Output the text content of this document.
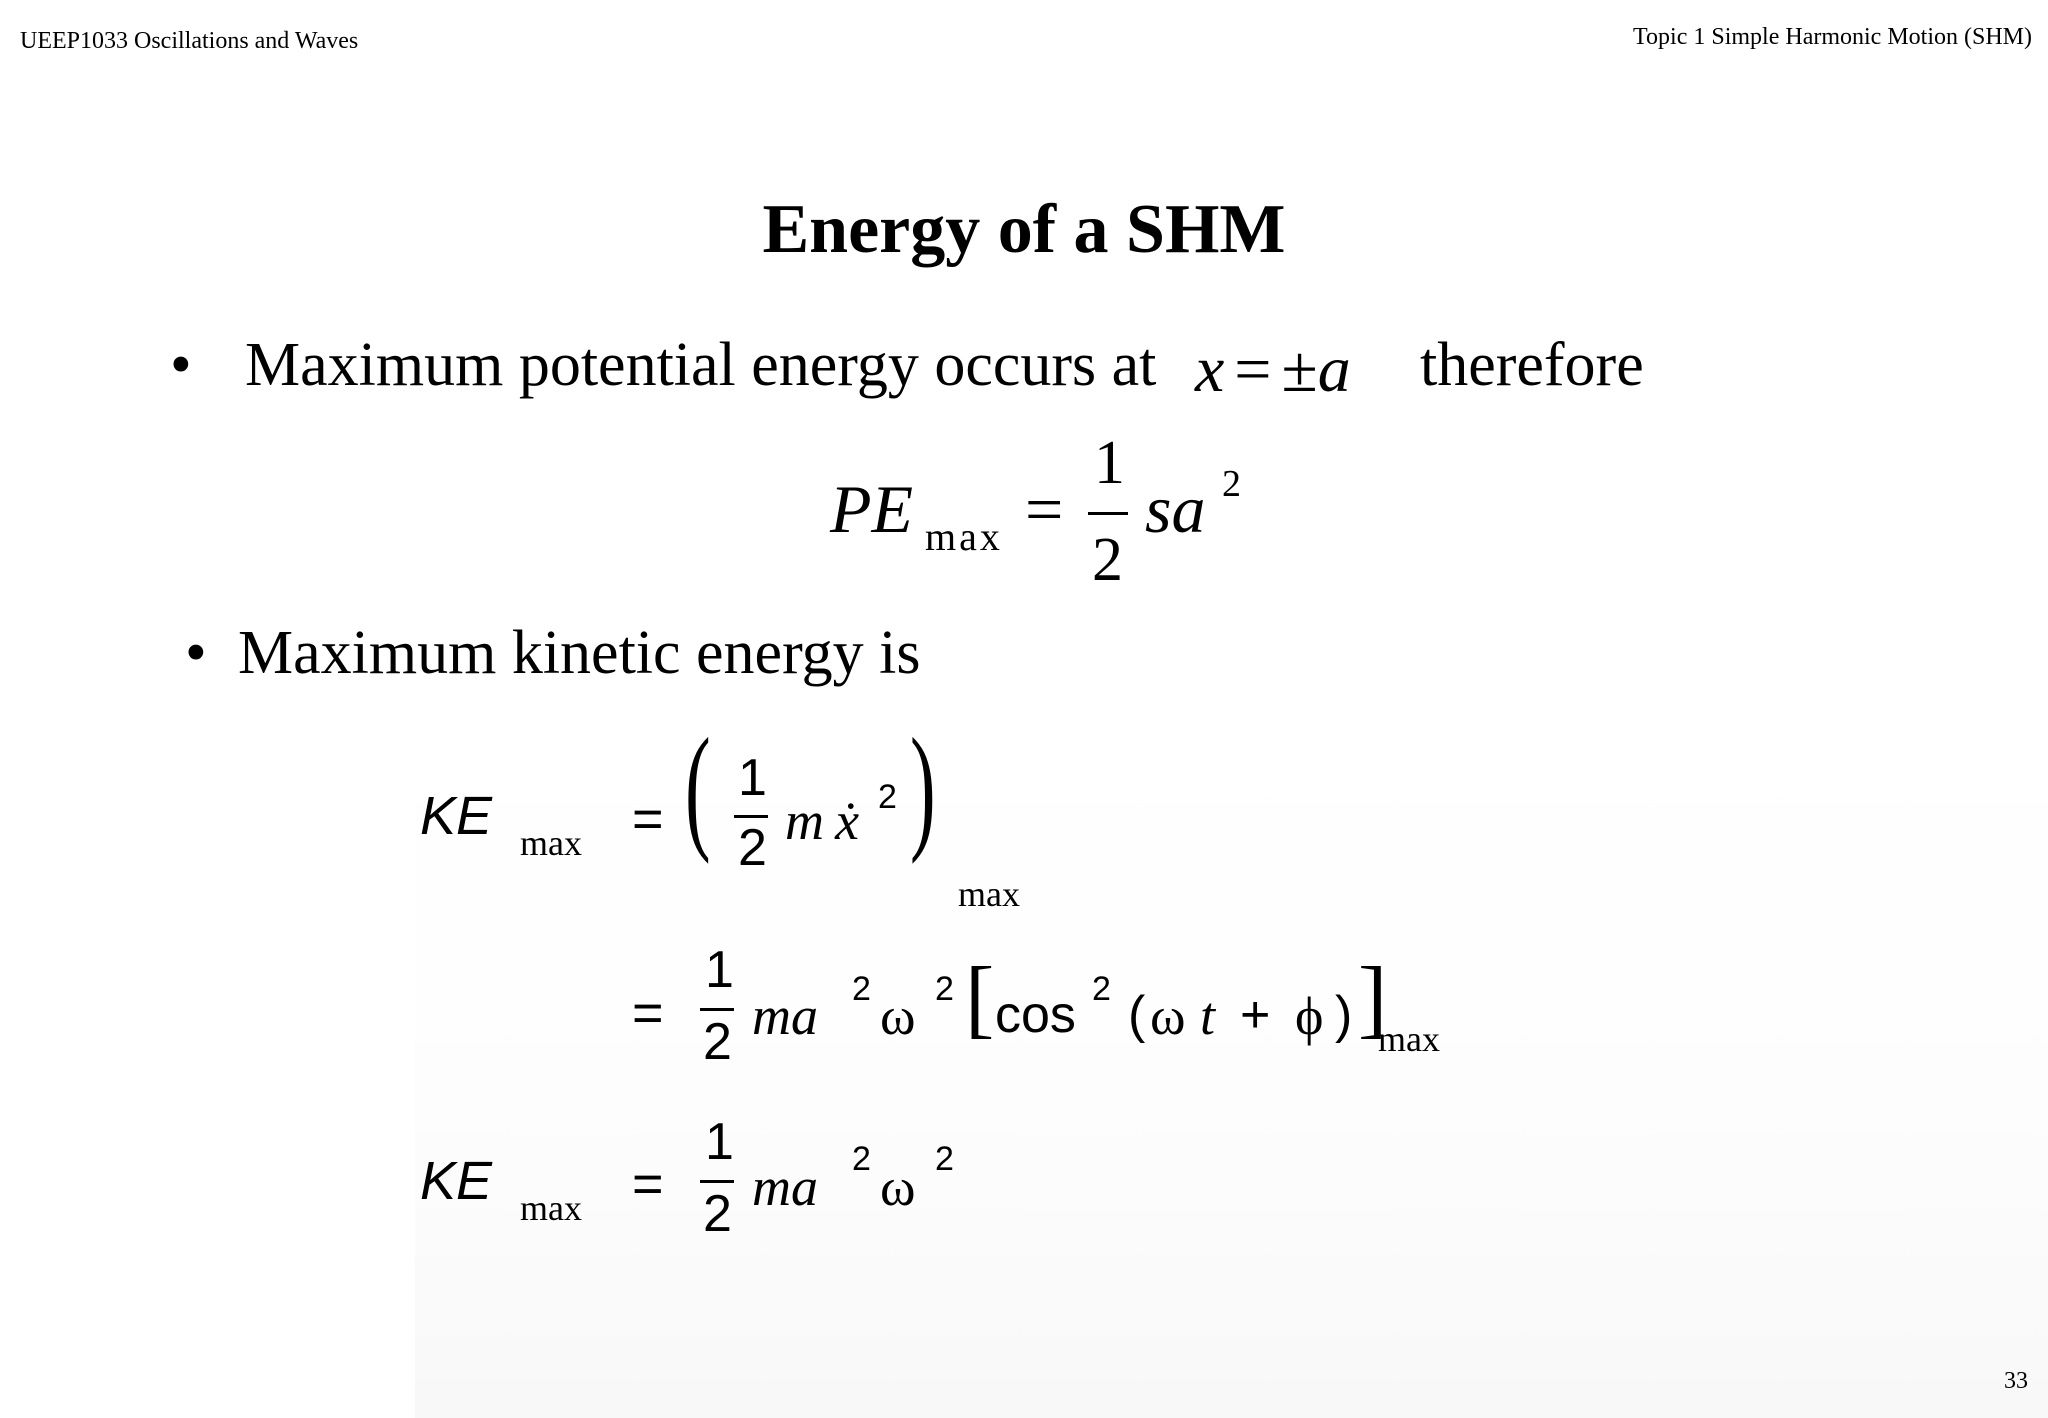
UEEP1033 Oscillations and Waves	Topic 1 Simple Harmonic Motion (SHM)
Energy of a SHM
• Maximum potential energy occurs at x = ±a therefore
PE max =
1
2
sa 2
• Maximum kinetic energy is
KE max = ( 1
2 m ẋ 2 )
max
=
1
2 ma 2 ω 2 [ cos 2 ( ω t + ϕ ) ]
max
KE max =
1
2 ma 2 ω 2
33
